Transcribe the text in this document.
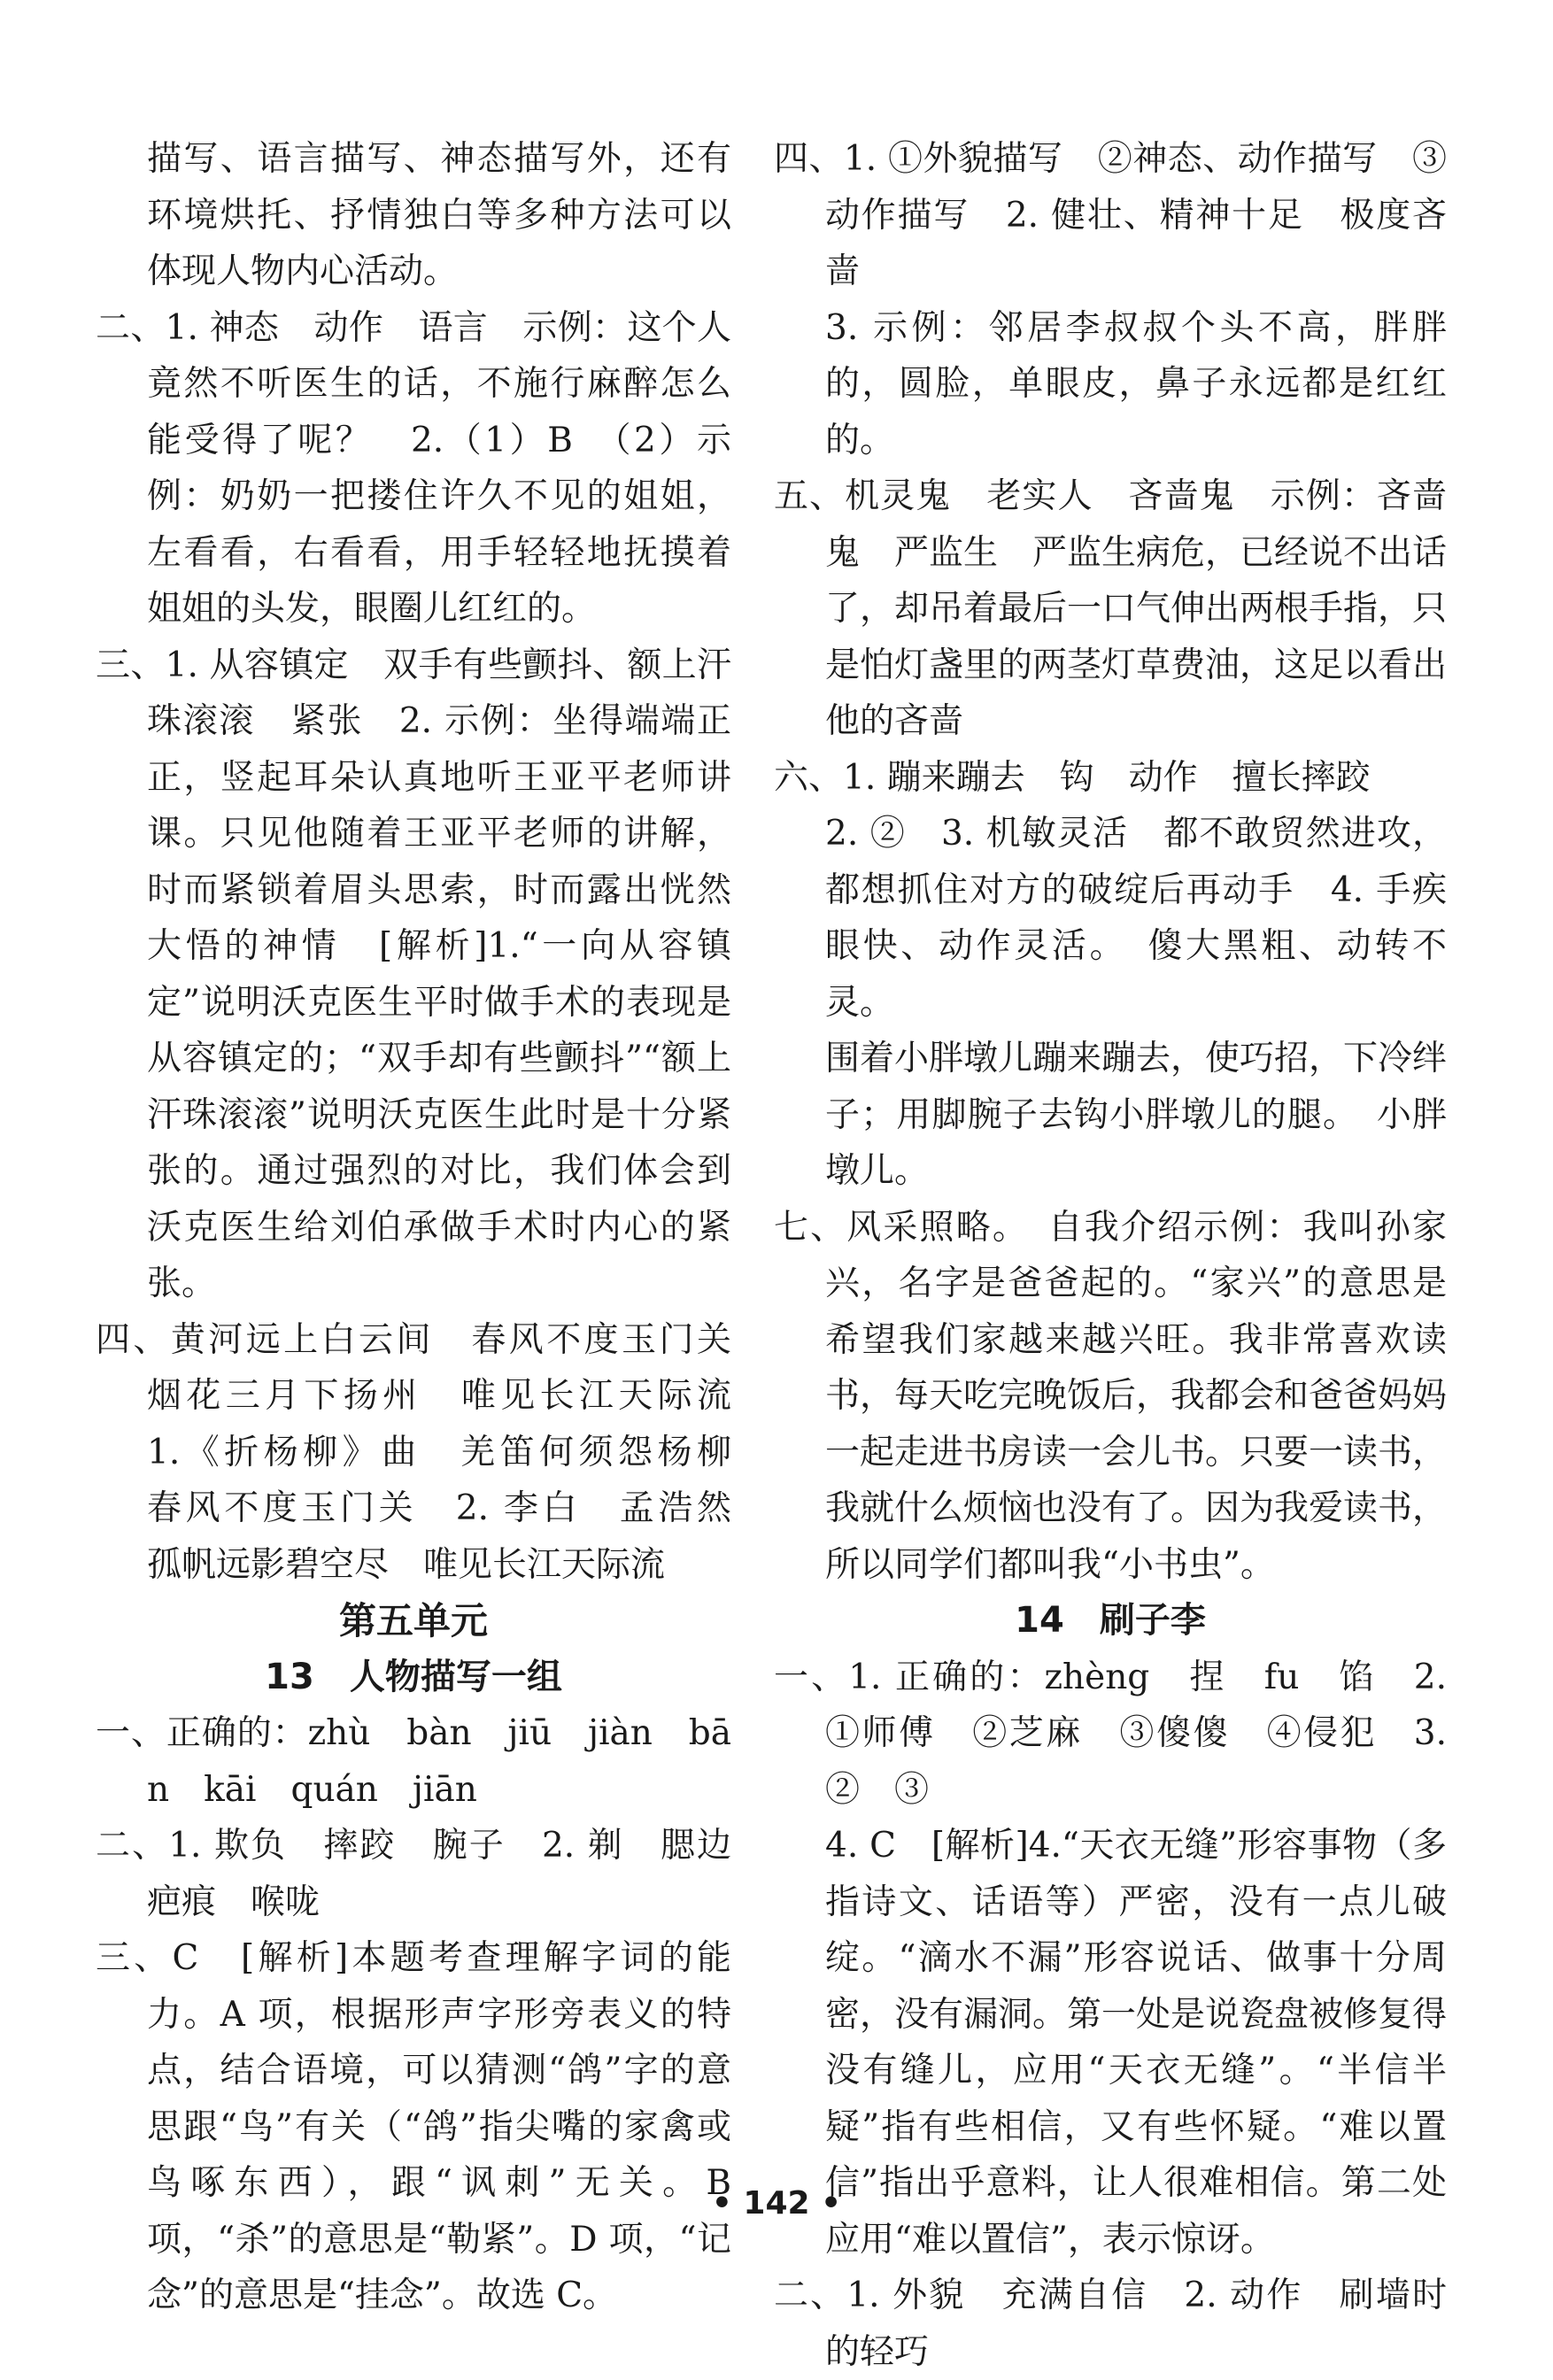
描写、语言描写、神态描写外，还有环境烘托、抒情独白等多种方法可以体现人物内心活动。
二、1. 神态　动作　语言　示例：这个人竟然不听医生的话，不施行麻醉怎么能受得了呢？　2.（1）B　（2）示例：奶奶一把搂住许久不见的姐姐，左看看，右看看，用手轻轻地抚摸着姐姐的头发，眼圈儿红红的。
三、1. 从容镇定　双手有些颤抖、额上汗珠滚滚　紧张　2. 示例：坐得端端正正，竖起耳朵认真地听王亚平老师讲课。只见他随着王亚平老师的讲解，时而紧锁着眉头思索，时而露出恍然大悟的神情　[解析]1.“一向从容镇定”说明沃克医生平时做手术的表现是从容镇定的；“双手却有些颤抖”“额上汗珠滚滚”说明沃克医生此时是十分紧张的。通过强烈的对比，我们体会到沃克医生给刘伯承做手术时内心的紧张。
四、黄河远上白云间　春风不度玉门关　烟花三月下扬州　唯见长江天际流　1.《折杨柳》曲　羌笛何须怨杨柳　春风不度玉门关　2. 李白　孟浩然　孤帆远影碧空尽　唯见长江天际流
第五单元
13　人物描写一组
一、正确的：zhù　bàn　jiū　jiàn　bān　kāi　quán　jiān
二、1. 欺负　摔跤　腕子　2. 剃　腮边　疤痕　喉咙
三、C　[解析]本题考查理解字词的能力。A 项，根据形声字形旁表义的特点，结合语境，可以猜测“鸽”字的意思跟“鸟”有关（“鸽”指尖嘴的家禽或鸟啄东西），跟“讽刺”无关。B 项，“杀”的意思是“勒紧”。D 项，“记念”的意思是“挂念”。故选 C。
四、1. ①外貌描写　②神态、动作描写　③动作描写　2. 健壮、精神十足　极度吝啬
3. 示例：邻居李叔叔个头不高，胖胖的，圆脸，单眼皮，鼻子永远都是红红的。
五、机灵鬼　老实人　吝啬鬼　示例：吝啬鬼　严监生　严监生病危，已经说不出话了，却吊着最后一口气伸出两根手指，只是怕灯盏里的两茎灯草费油，这足以看出他的吝啬
六、1. 蹦来蹦去　钩　动作　擅长摔跤
2. ②　3. 机敏灵活　都不敢贸然进攻，都想抓住对方的破绽后再动手　4. 手疾眼快、动作灵活。　傻大黑粗、动转不灵。
围着小胖墩儿蹦来蹦去，使巧招，下冷绊子；用脚腕子去钩小胖墩儿的腿。　小胖墩儿。
七、风采照略。　自我介绍示例：我叫孙家兴，名字是爸爸起的。“家兴”的意思是希望我们家越来越兴旺。我非常喜欢读书，每天吃完晚饭后，我都会和爸爸妈妈一起走进书房读一会儿书。只要一读书，我就什么烦恼也没有了。因为我爱读书，所以同学们都叫我“小书虫”。
14　刷子李
一、1. 正确的：zhèng　捏　fu　馅　2. ①师傅　②芝麻　③傻傻　④侵犯　3. ②　③
4. C　[解析]4.“天衣无缝”形容事物（多指诗文、话语等）严密，没有一点儿破绽。“滴水不漏”形容说话、做事十分周密，没有漏洞。第一处是说瓷盘被修复得没有缝儿，应用“天衣无缝”。“半信半疑”指有些相信，又有些怀疑。“难以置信”指出乎意料，让人很难相信。第二处应用“难以置信”，表示惊讶。
二、1. 外貌　充满自信　2. 动作　刷墙时的轻巧
• 142 •
